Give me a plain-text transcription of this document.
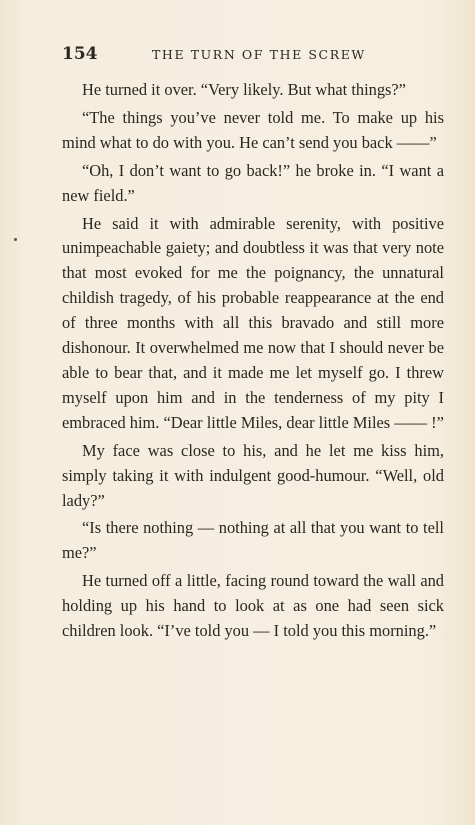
154	THE TURN OF THE SCREW

He turned it over. “Very likely. But what things?”

“The things you’ve never told me. To make up his mind what to do with you. He can’t send you back ——”

“Oh, I don’t want to go back!” he broke in. “I want a new field.”

He said it with admirable serenity, with positive unimpeachable gaiety; and doubtless it was that very note that most evoked for me the poignancy, the unnatural childish tragedy, of his probable reappearance at the end of three months with all this bravado and still more dishonour. It overwhelmed me now that I should never be able to bear that, and it made me let myself go. I threw myself upon him and in the tenderness of my pity I embraced him. “Dear little Miles, dear little Miles —— !”

My face was close to his, and he let me kiss him, simply taking it with indulgent good-humour. “Well, old lady?”

“Is there nothing — nothing at all that you want to tell me?”

He turned off a little, facing round toward the wall and holding up his hand to look at as one had seen sick children look. “I’ve told you — I told you this morning.”
